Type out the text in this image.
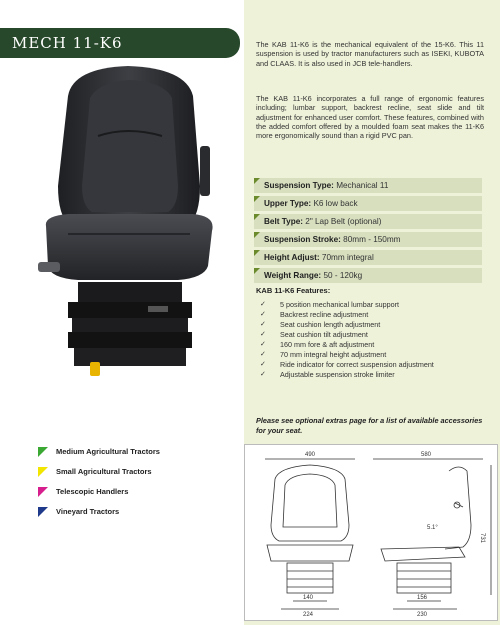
MECH 11-K6
Medium Agricultural Tractors
Small Agricultural Tractors
Telescopic Handlers
Vineyard Tractors
The KAB 11-K6 is the mechanical equivalent of the 15-K6. This 11 suspension is used by tractor manufacturers such as ISEKI, KUBOTA and CLAAS. It is also used in JCB tele-handlers.
The KAB 11-K6 incorporates a full range of ergonomic features including; lumbar support, backrest recline, seat slide and tilt adjustment for enhanced user comfort. These features, combined with the added comfort offered by a moulded foam seat makes the 11-K6 more ergonomically sound than a rigid PVC pan.
Suspension Type: Mechanical 11
Upper Type: K6 low back
Belt Type: 2" Lap Belt (optional)
Suspension Stroke: 80mm - 150mm
Height Adjust: 70mm integral
Weight Range: 50 - 120kg
KAB 11-K6 Features:
✓ 5 position mechanical lumbar support
✓ Backrest recline adjustment
✓ Seat cushion length adjustment
✓ Seat cushion tilt adjustment
✓ 160 mm fore & aft adjustment
✓ 70 mm integral height adjustment
✓ Ride indicator for correct suspension adjustment
✓ Adjustable suspension stroke limiter
Please see optional extras page for a list of available accessories for your seat.
490	580
5.1°
731
140
224
156
230
